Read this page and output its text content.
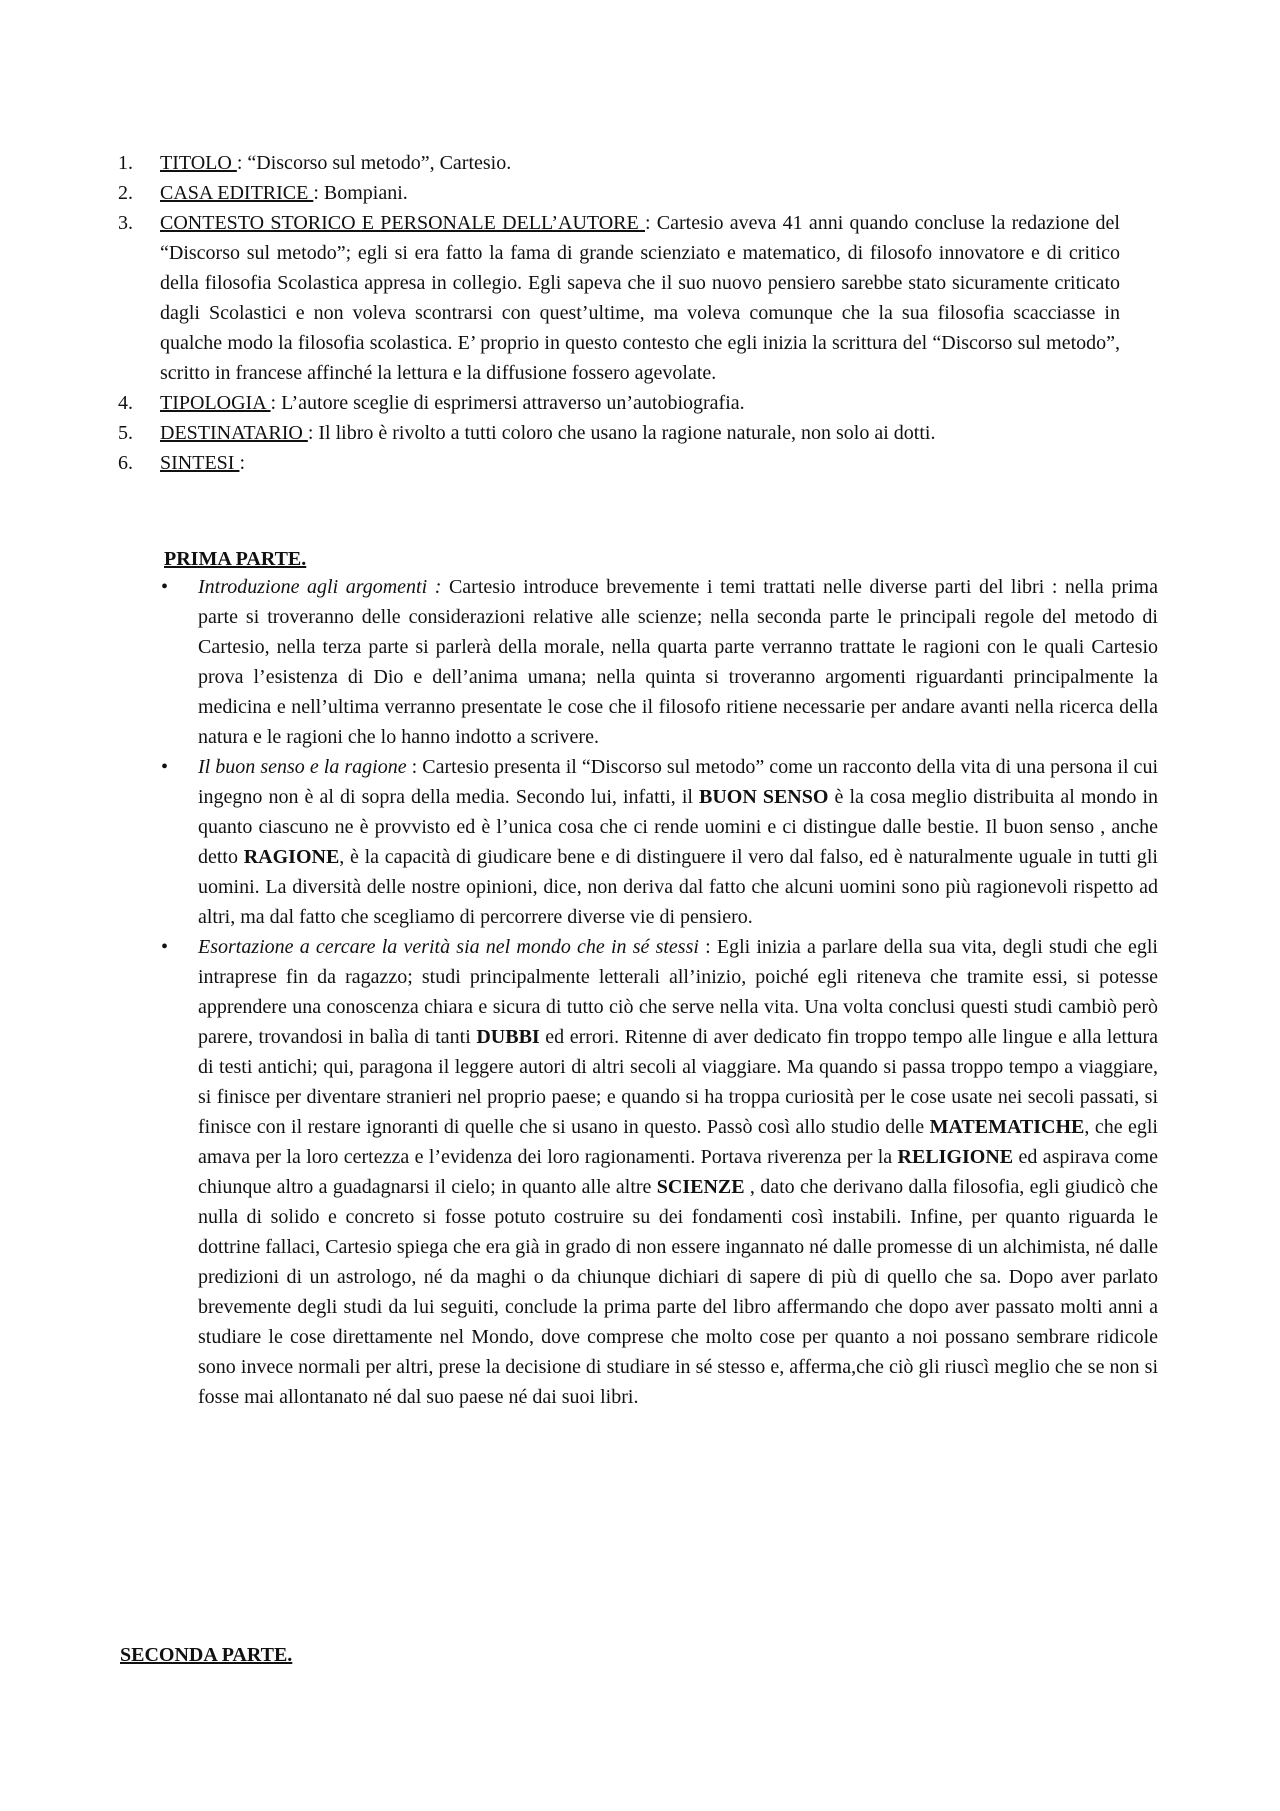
1. TITOLO : “Discorso sul metodo”, Cartesio.
2. CASA EDITRICE : Bompiani.
3. CONTESTO STORICO E PERSONALE DELL’AUTORE : Cartesio aveva 41 anni quando concluse la redazione del “Discorso sul metodo”; egli si era fatto la fama di grande scienziato e matematico, di filosofo innovatore e di critico della filosofia Scolastica appresa in collegio. Egli sapeva che il suo nuovo pensiero sarebbe stato sicuramente criticato dagli Scolastici e non voleva scontrarsi con quest’ultime, ma voleva comunque che la sua filosofia scacciasse in qualche modo la filosofia scolastica. E’ proprio in questo contesto che egli inizia la scrittura del “Discorso sul metodo”, scritto in francese affinché la lettura e la diffusione fossero agevolate.
4. TIPOLOGIA : L’autore sceglie di esprimersi attraverso un’autobiografia.
5. DESTINATARIO : Il libro è rivolto a tutti coloro che usano la ragione naturale, non solo ai dotti.
6. SINTESI :
PRIMA PARTE.
• Introduzione agli argomenti : Cartesio introduce brevemente i temi trattati nelle diverse parti del libri : nella prima parte si troveranno delle considerazioni relative alle scienze; nella seconda parte le principali regole del metodo di Cartesio, nella terza parte si parlerà della morale, nella quarta parte verranno trattate le ragioni con le quali Cartesio prova l’esistenza di Dio e dell’anima umana; nella quinta si troveranno argomenti riguardanti principalmente la medicina e nell’ultima verranno presentate le cose che il filosofo ritiene necessarie per andare avanti nella ricerca della natura e le ragioni che lo hanno indotto a scrivere.
• Il buon senso e la ragione : Cartesio presenta il “Discorso sul metodo” come un racconto della vita di una persona il cui ingegno non è al di sopra della media. Secondo lui, infatti, il BUON SENSO è la cosa meglio distribuita al mondo in quanto ciascuno ne è provvisto ed è l’unica cosa che ci rende uomini e ci distingue dalle bestie. Il buon senso , anche detto RAGIONE, è la capacità di giudicare bene e di distinguere il vero dal falso, ed è naturalmente uguale in tutti gli uomini. La diversità delle nostre opinioni, dice, non deriva dal fatto che alcuni uomini sono più ragionevoli rispetto ad altri, ma dal fatto che scegliamo di percorrere diverse vie di pensiero.
• Esortazione a cercare la verità sia nel mondo che in sé stessi : Egli inizia a parlare della sua vita, degli studi che egli intraprese fin da ragazzo; studi principalmente letterali all’inizio, poiché egli riteneva che tramite essi, si potesse apprendere una conoscenza chiara e sicura di tutto ciò che serve nella vita. Una volta conclusi questi studi cambiò però parere, trovandosi in balìa di tanti DUBBI ed errori. Ritenne di aver dedicato fin troppo tempo alle lingue e alla lettura di testi antichi; qui, paragona il leggere autori di altri secoli al viaggiare. Ma quando si passa troppo tempo a viaggiare, si finisce per diventare stranieri nel proprio paese; e quando si ha troppa curiosità per le cose usate nei secoli passati, si finisce con il restare ignoranti di quelle che si usano in questo. Passò così allo studio delle MATEMATICHE, che egli amava per la loro certezza e l’evidenza dei loro ragionamenti. Portava riverenza per la RELIGIONE ed aspirava come chiunque altro a guadagnarsi il cielo; in quanto alle altre SCIENZE , dato che derivano dalla filosofia, egli giudicò che nulla di solido e concreto si fosse potuto costruire su dei fondamenti così instabili. Infine, per quanto riguarda le dottrine fallaci, Cartesio spiega che era già in grado di non essere ingannato né dalle promesse di un alchimista, né dalle predizioni di un astrologo, né da maghi o da chiunque dichiari di sapere di più di quello che sa. Dopo aver parlato brevemente degli studi da lui seguiti, conclude la prima parte del libro affermando che dopo aver passato molti anni a studiare le cose direttamente nel Mondo, dove comprese che molto cose per quanto a noi possano sembrare ridicole sono invece normali per altri, prese la decisione di studiare in sé stesso e, afferma,che ciò gli riuscì meglio che se non si fosse mai allontanato né dal suo paese né dai suoi libri.
SECONDA PARTE.
